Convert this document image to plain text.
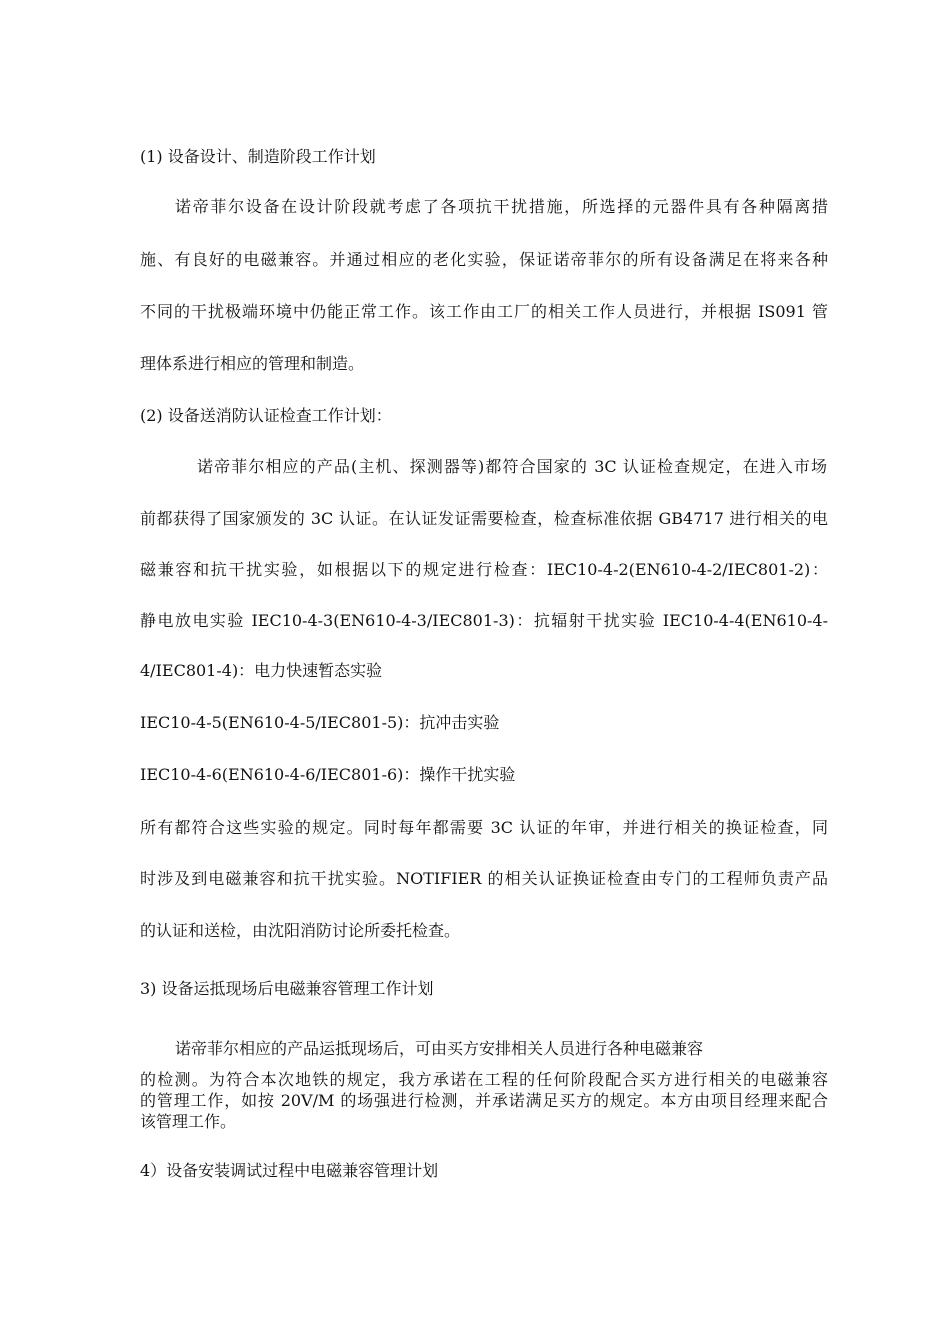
(1) 设备设计、制造阶段工作计划

诺帝菲尔设备在设计阶段就考虑了各项抗干扰措施，所选择的元器件具有各种隔离措

施、有良好的电磁兼容。并通过相应的老化实验，保证诺帝菲尔的所有设备满足在将来各种

不同的干扰极端环境中仍能正常工作。该工作由工厂的相关工作人员进行，并根据 IS091 管

理体系进行相应的管理和制造。

(2) 设备送消防认证检查工作计划：

诺帝菲尔相应的产品(主机、探测器等)都符合国家的 3C 认证检查规定，在进入市场

前都获得了国家颁发的 3C 认证。在认证发证需要检查，检查标准依据 GB4717 进行相关的电

磁兼容和抗干扰实验，如根据以下的规定进行检查：IEC10-4-2(EN610-4-2/IEC801-2)：

静电放电实验 IEC10-4-3(EN610-4-3/IEC801-3)：抗辐射干扰实验 IEC10-4-4(EN610-4-

4/IEC801-4)：电力快速暂态实验

IEC10-4-5(EN610-4-5/IEC801-5)：抗冲击实验

IEC10-4-6(EN610-4-6/IEC801-6)：操作干扰实验

所有都符合这些实验的规定。同时每年都需要 3C 认证的年审，并进行相关的换证检查，同

时涉及到电磁兼容和抗干扰实验。NOTIFIER 的相关认证换证检查由专门的工程师负责产品

的认证和送检，由沈阳消防讨论所委托检查。

3) 设备运抵现场后电磁兼容管理工作计划

诺帝菲尔相应的产品运抵现场后，可由买方安排相关人员进行各种电磁兼容

的检测。为符合本次地铁的规定，我方承诺在工程的任何阶段配合买方进行相关的电磁兼容

的管理工作，如按 20V/M 的场强进行检测，并承诺满足买方的规定。本方由项目经理来配合

该管理工作。

4）设备安装调试过程中电磁兼容管理计划
